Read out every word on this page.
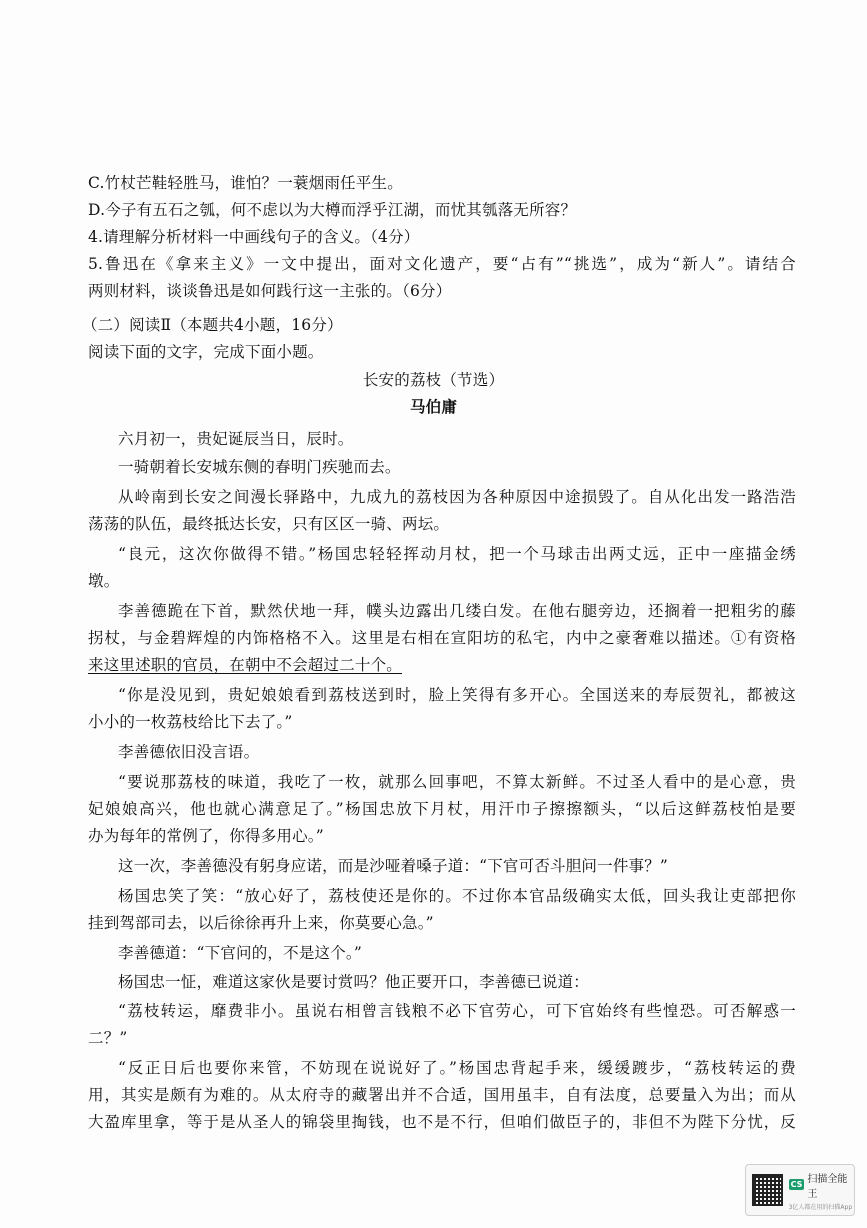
C.竹杖芒鞋轻胜马，谁怕？一蓑烟雨任平生。
D.今子有五石之瓠，何不虑以为大樽而浮乎江湖，而忧其瓠落无所容？
4.请理解分析材料一中画线句子的含义。（4分）
5.鲁迅在《拿来主义》一文中提出，面对文化遗产，要“占有”“挑选”，成为“新人”。请结合
两则材料，谈谈鲁迅是如何践行这一主张的。（6分）
（二）阅读Ⅱ（本题共4小题，16分）
阅读下面的文字，完成下面小题。
长安的荔枝（节选）
马伯庸
六月初一，贵妃诞辰当日，辰时。
一骑朝着长安城东侧的春明门疾驰而去。
从岭南到长安之间漫长驿路中，九成九的荔枝因为各种原因中途损毁了。自从化出发一路浩浩
荡荡的队伍，最终抵达长安，只有区区一骑、两坛。
“良元，这次你做得不错。”杨国忠轻轻挥动月杖，把一个马球击出两丈远，正中一座描金绣
墩。
李善德跪在下首，默然伏地一拜，幞头边露出几缕白发。在他右腿旁边，还搁着一把粗劣的藤
拐杖，与金碧辉煌的内饰格格不入。这里是右相在宣阳坊的私宅，内中之豪奢难以描述。①有资格
来这里述职的官员，在朝中不会超过二十个。
“你是没见到，贵妃娘娘看到荔枝送到时，脸上笑得有多开心。全国送来的寿辰贺礼，都被这
小小的一枚荔枝给比下去了。”
李善德依旧没言语。
“要说那荔枝的味道，我吃了一枚，就那么回事吧，不算太新鲜。不过圣人看中的是心意，贵
妃娘娘高兴，他也就心满意足了。”杨国忠放下月杖，用汗巾子擦擦额头，“以后这鲜荔枝怕是要
办为每年的常例了，你得多用心。”
这一次，李善德没有躬身应诺，而是沙哑着嗓子道：“下官可否斗胆问一件事？”
杨国忠笑了笑：“放心好了，荔枝使还是你的。不过你本官品级确实太低，回头我让吏部把你
挂到驾部司去，以后徐徐再升上来，你莫要心急。”
李善德道：“下官问的，不是这个。”
杨国忠一怔，难道这家伙是要讨赏吗？他正要开口，李善德已说道：
“荔枝转运，靡费非小。虽说右相曾言钱粮不必下官劳心，可下官始终有些惶恐。可否解惑一
二？”
“反正日后也要你来管，不妨现在说说好了。”杨国忠背起手来，缓缓踱步，“荔枝转运的费
用，其实是颇有为难的。从太府寺的藏署出并不合适，国用虽丰，自有法度，总要量入为出；而从
大盈库里拿，等于是从圣人的锦袋里掏钱，也不是不行，但咱们做臣子的，非但不为陛下分忧，反
CS 扫描全能王
3亿人都在用的扫描App
